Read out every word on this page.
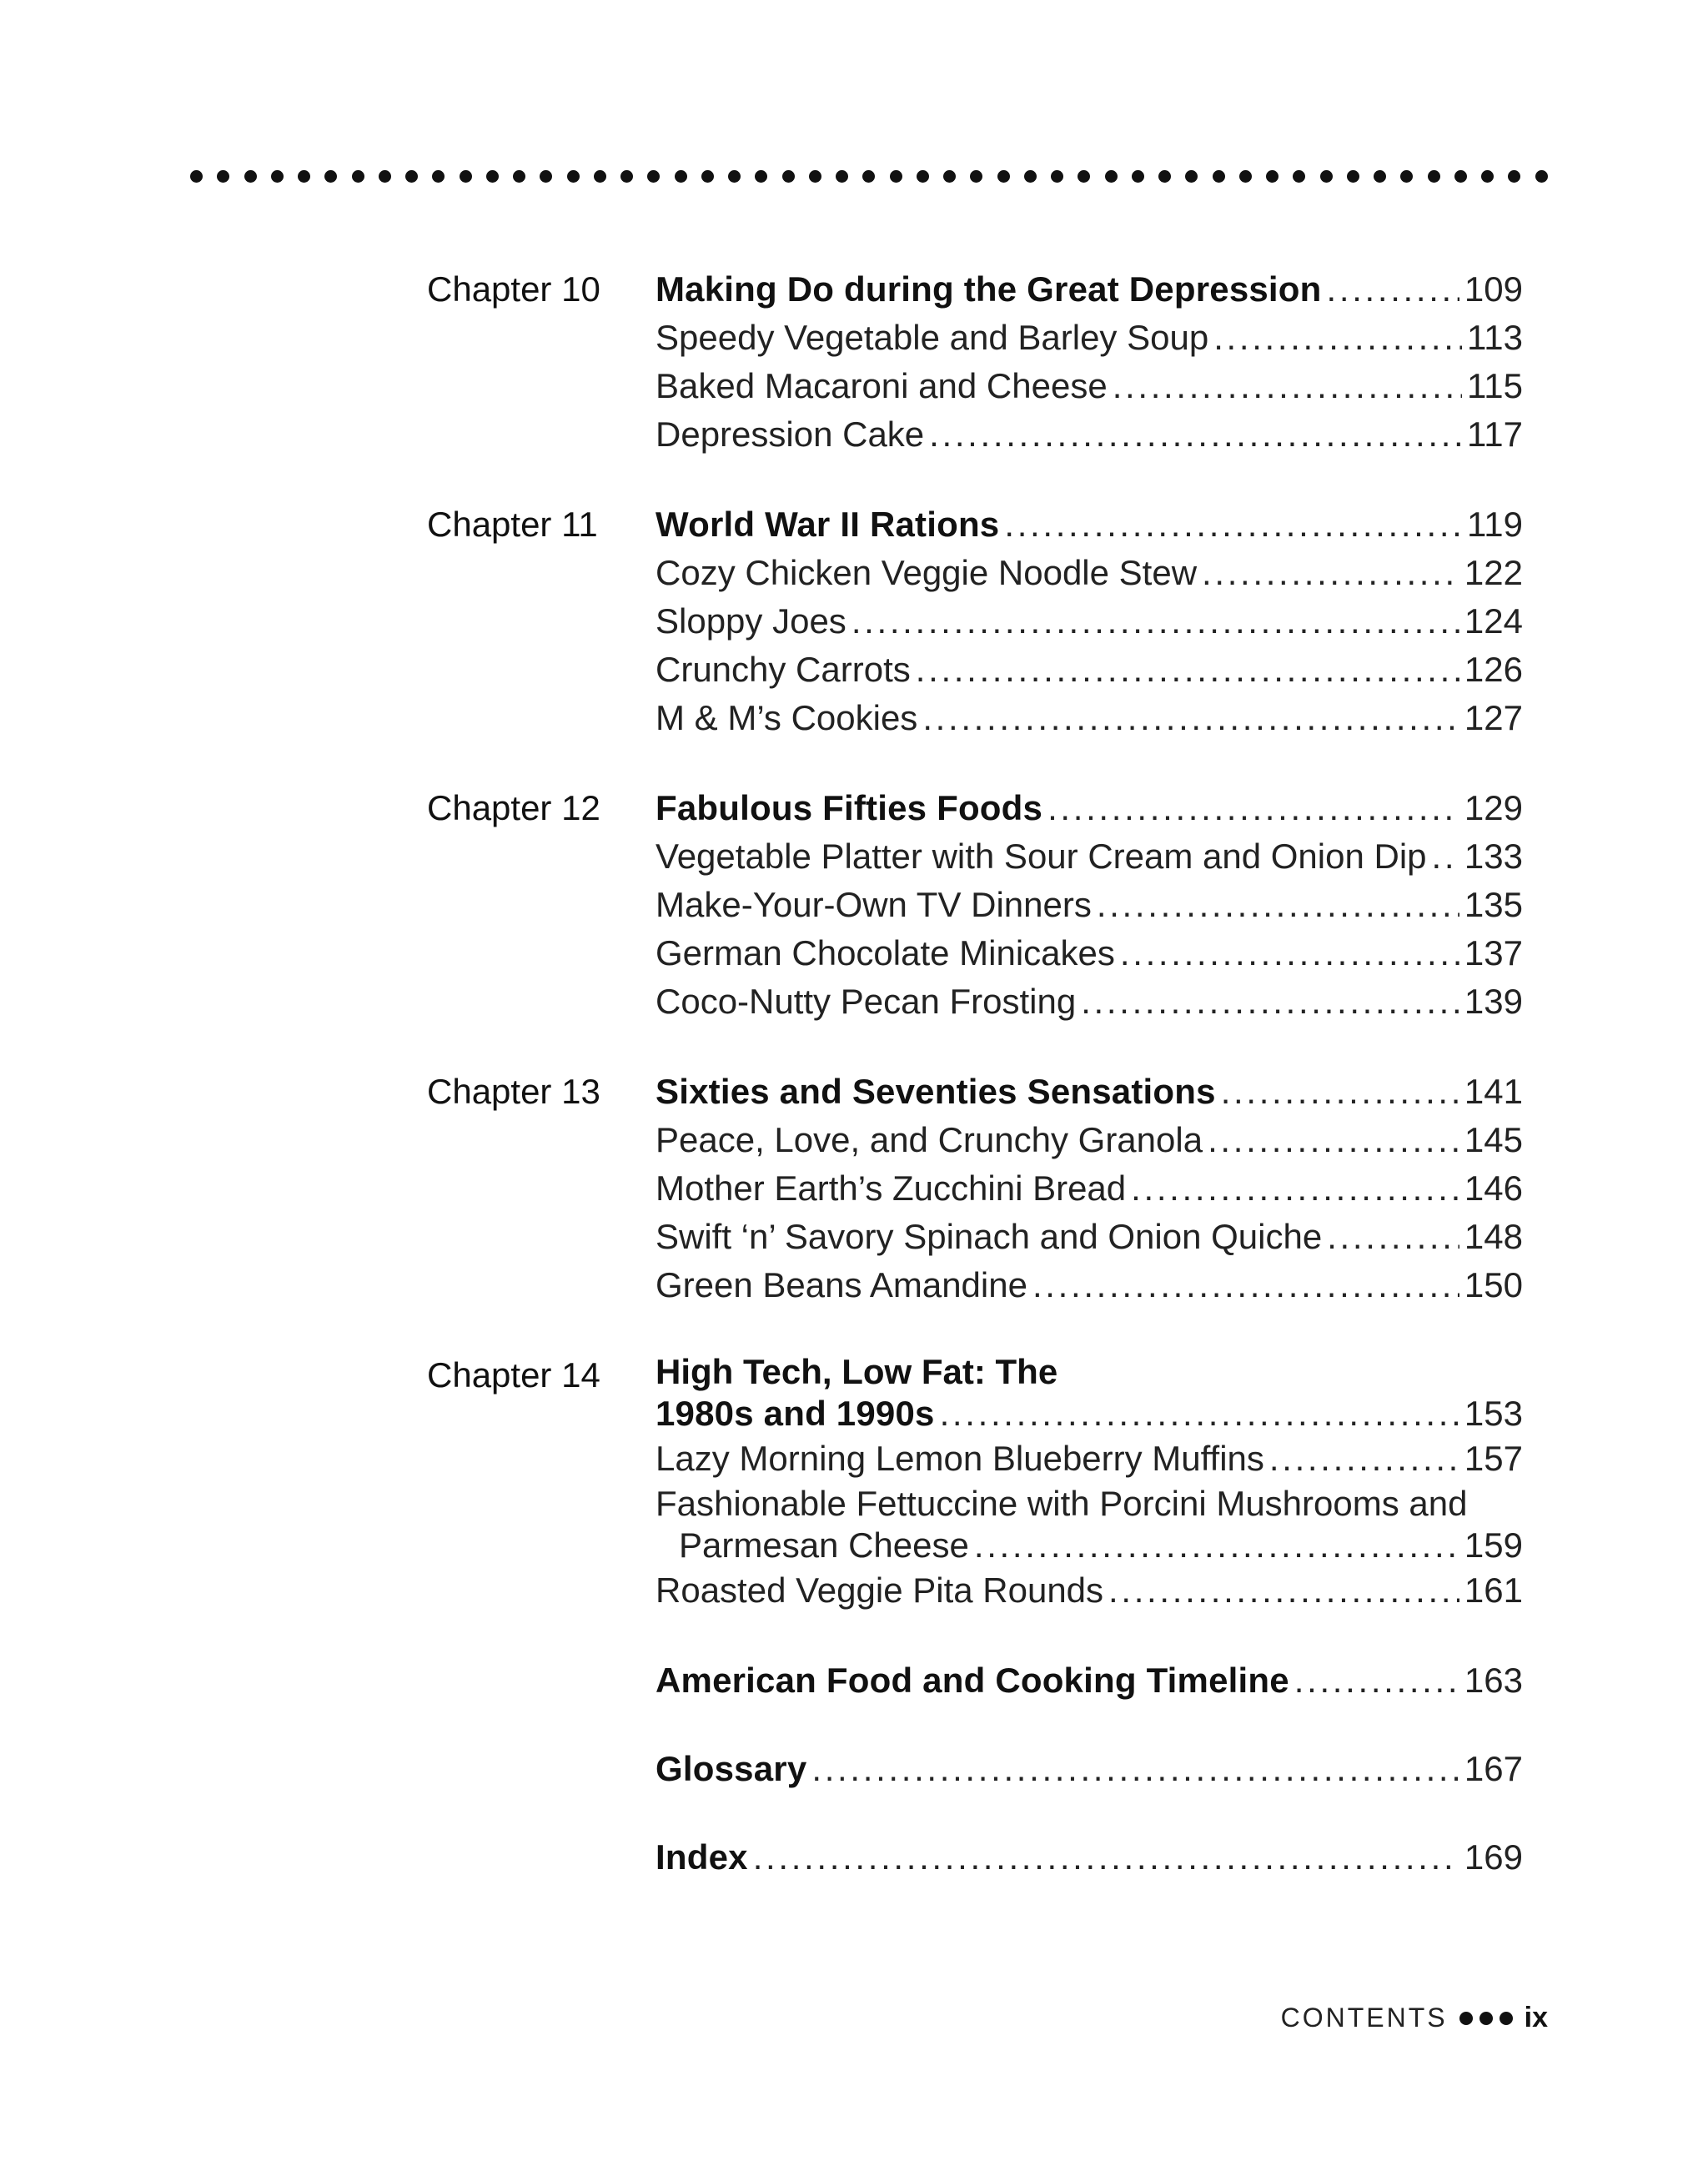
Chapter 10 Making Do during the Great Depression . . .	109
Speedy Vegetable and Barley Soup . . .	113
Baked Macaroni and Cheese . . .	115
Depression Cake . . .	117
Chapter 11 World War II Rations . . .	119
Cozy Chicken Veggie Noodle Stew . . .	122
Sloppy Joes . . .	124
Crunchy Carrots . . .	126
M & M’s Cookies . . .	127
Chapter 12 Fabulous Fifties Foods . . .	129
Vegetable Platter with Sour Cream and Onion Dip . . . 133
Make-Your-Own TV Dinners . . .	135
German Chocolate Minicakes . . .	137
Coco-Nutty Pecan Frosting . . .	139
Chapter 13 Sixties and Seventies Sensations . . .	141
Peace, Love, and Crunchy Granola . . .	145
Mother Earth’s Zucchini Bread . . .	146
Swift ‘n’ Savory Spinach and Onion Quiche . . .	148
Green Beans Amandine . . .	150
Chapter 14 High Tech, Low Fat: The
1980s and 1990s . . .	153
Lazy Morning Lemon Blueberry Muffins . . .	157
Fashionable Fettuccine with Porcini Mushrooms and
Parmesan Cheese . . .	159
Roasted Veggie Pita Rounds . . .	161
American Food and Cooking Timeline . . .	163
Glossary . . .	167
Index . . .	169
CONTENTS	ix
